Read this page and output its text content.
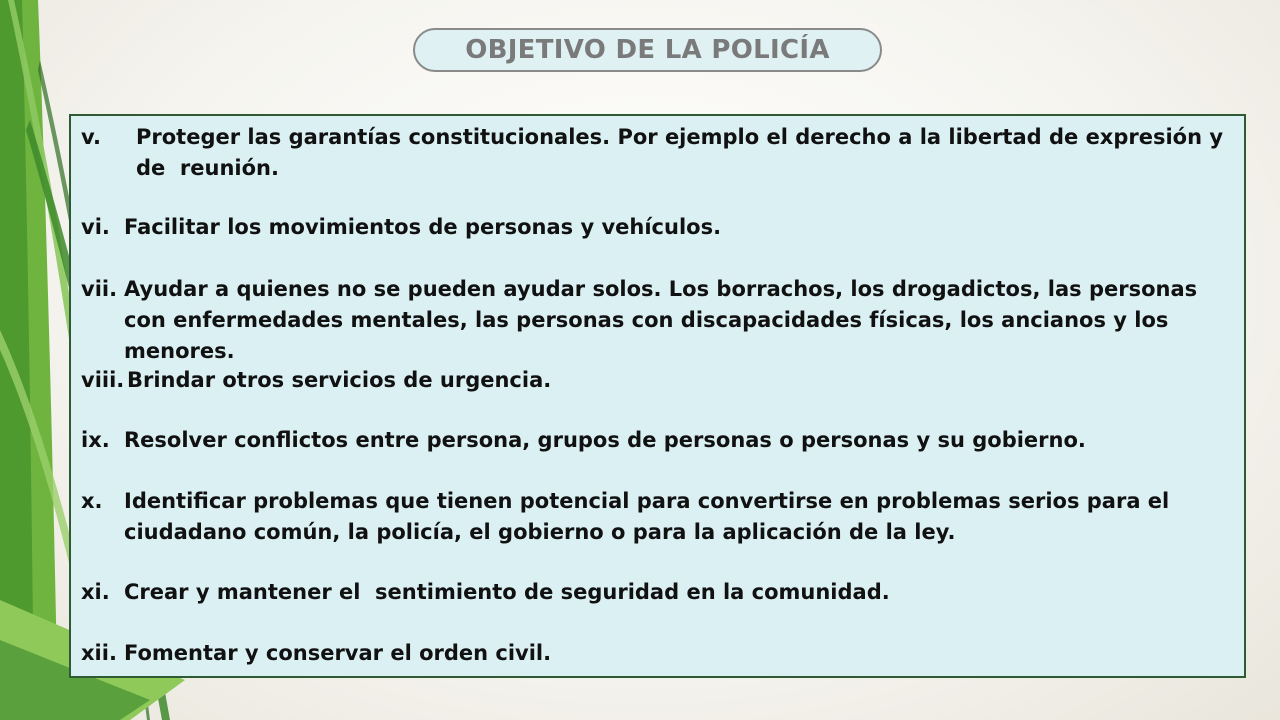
OBJETIVO DE LA POLICÍA
v.	Proteger las garantías constitucionales. Por ejemplo el derecho a la libertad de expresión y de  reunión.
vi. Facilitar los movimientos de personas y vehículos.
vii. Ayudar a quienes no se pueden ayudar solos. Los borrachos, los drogadictos, las personas con enfermedades mentales, las personas con discapacidades físicas, los ancianos y los menores.
viii. Brindar otros servicios de urgencia.
ix. Resolver conflictos entre persona, grupos de personas o personas y su gobierno.
x.	Identificar problemas que tienen potencial para convertirse en problemas serios para el ciudadano común, la policía, el gobierno o para la aplicación de la ley.
xi. Crear y mantener el  sentimiento de seguridad en la comunidad.
xii. Fomentar y conservar el orden civil.
